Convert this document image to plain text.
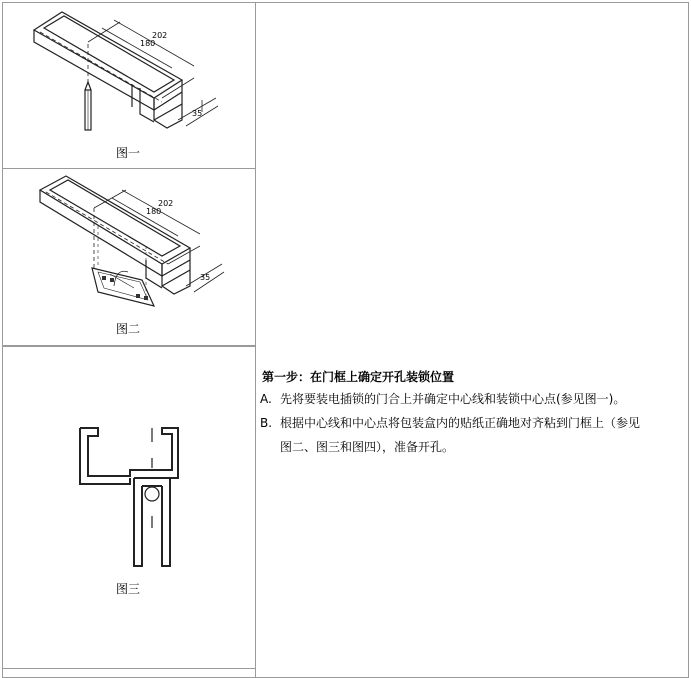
202
180
35
图一
202
180
35
图二
图三
第一步：在门框上确定开孔装锁位置
A. 先将要装电插锁的门合上并确定中心线和装锁中心点(参见图一)。
B. 根据中心线和中心点将包装盒内的贴纸正确地对齐粘到门框上（参见
图二、图三和图四），准备开孔。
